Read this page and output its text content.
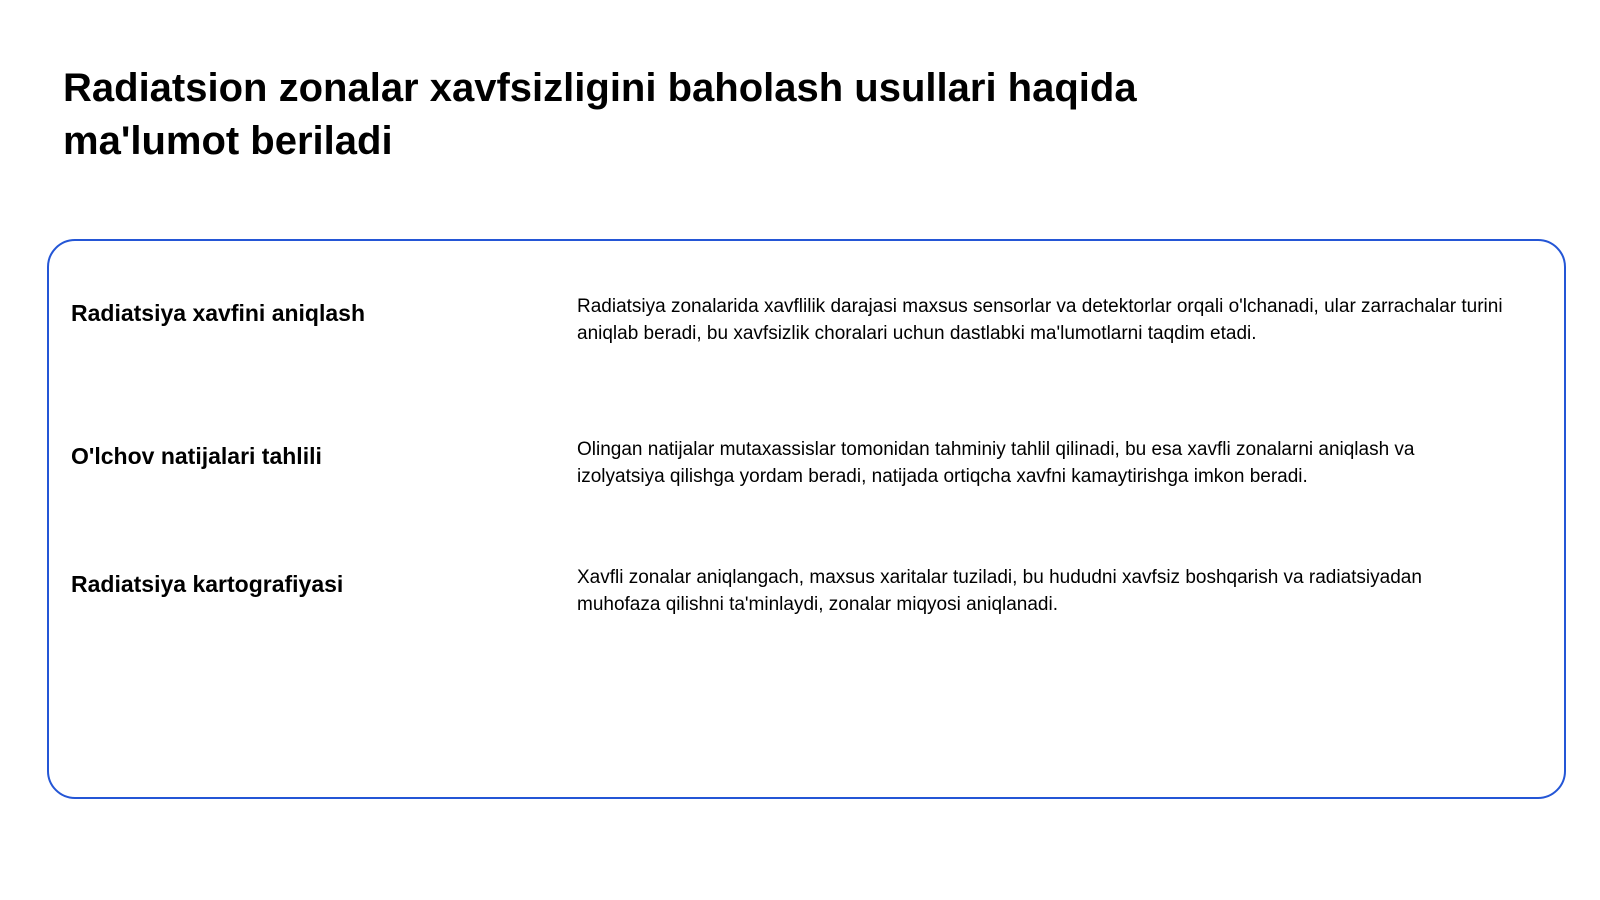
Radiatsion zonalar xavfsizligini baholash usullari haqida ma'lumot beriladi
Radiatsiya xavfini aniqlash	Radiatsiya zonalarida xavflilik darajasi maxsus sensorlar va detektorlar orqali o'lchanadi, ular zarrachalar turini aniqlab beradi, bu xavfsizlik choralari uchun dastlabki ma'lumotlarni taqdim etadi.

O'lchov natijalari tahlili	Olingan natijalar mutaxassislar tomonidan tahminiy tahlil qilinadi, bu esa xavfli zonalarni aniqlash va izolyatsiya qilishga yordam beradi, natijada ortiqcha xavfni kamaytirishga imkon beradi.

Radiatsiya kartografiyasi	Xavfli zonalar aniqlangach, maxsus xaritalar tuziladi, bu hududni xavfsiz boshqarish va radiatsiyadan muhofaza qilishni ta'minlaydi, zonalar miqyosi aniqlanadi.
